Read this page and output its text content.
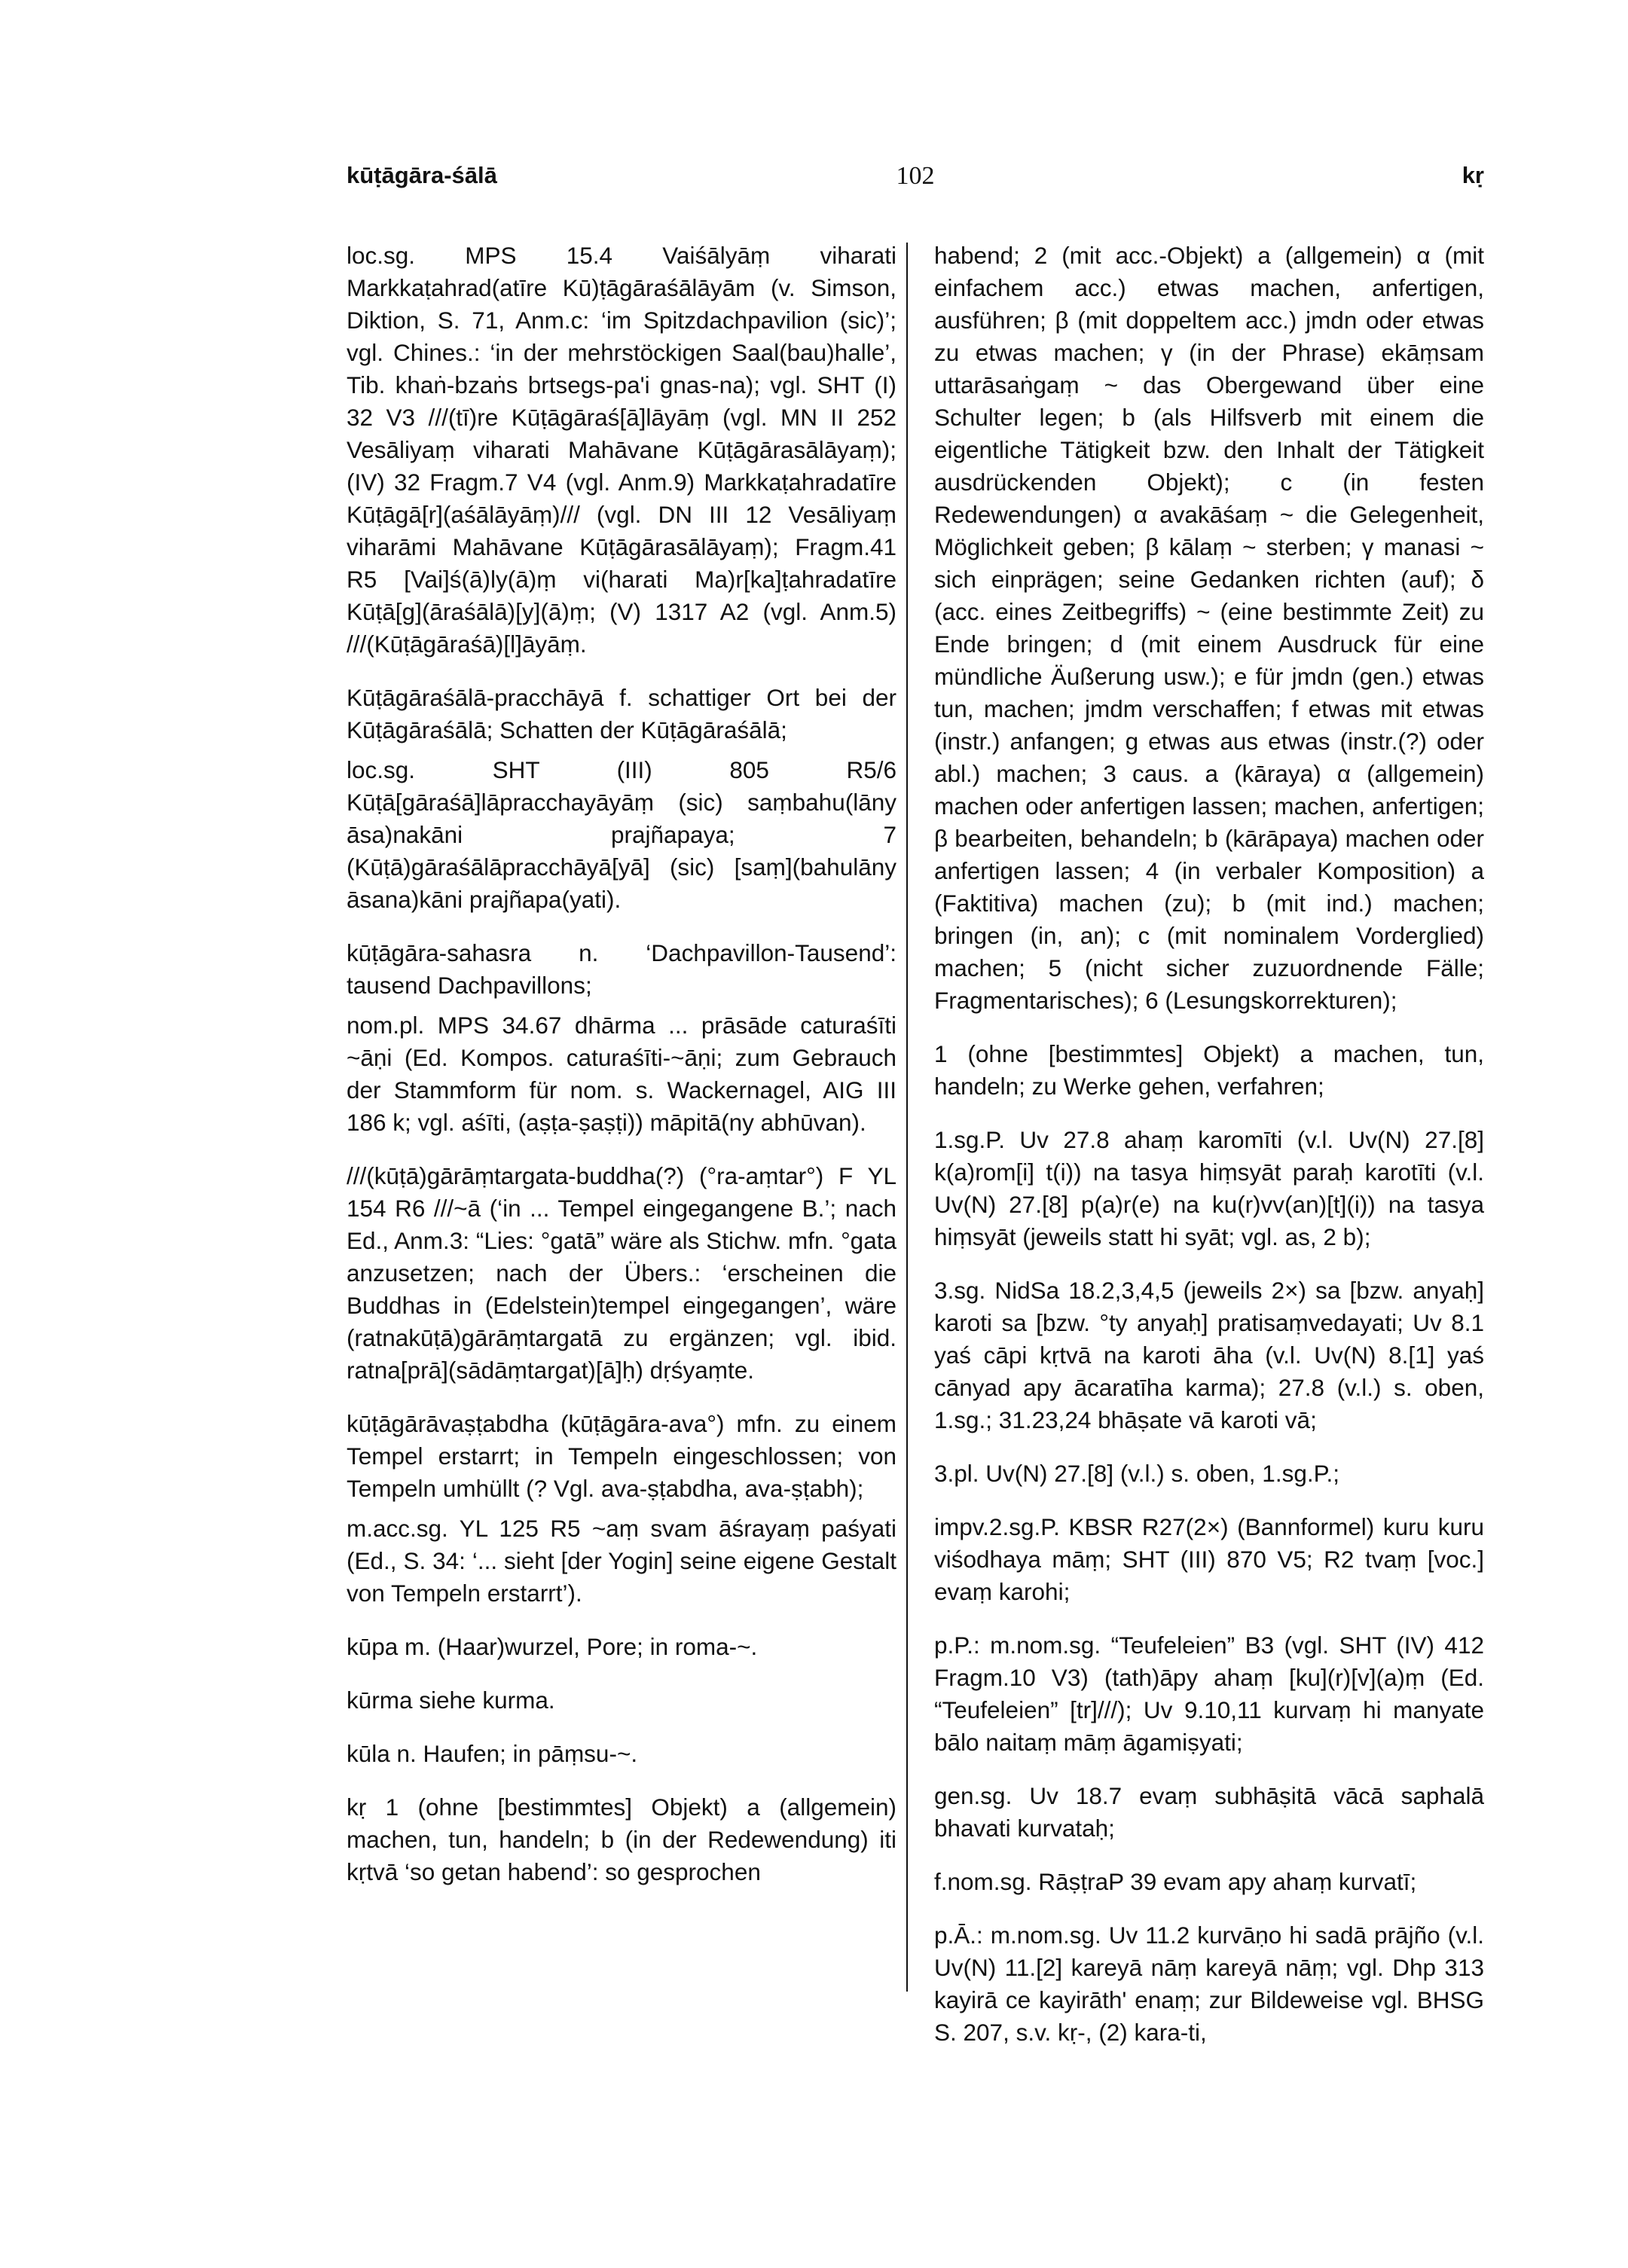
kūṭāgāra-śālā	102	kṛ

loc.sg. MPS 15.4 Vaiśālyāṃ viharati Markkaṭahrad(atīre Kū)ṭāgāraśālāyām (v. Simson, Diktion, S. 71, Anm.c: ‘im Spitzdachpavilion (sic)’; vgl. Chines.: ‘in der mehrstöckigen Saal(bau)halle’, Tib. khaṅ-bzaṅs brtsegs-pa'i gnas-na); vgl. SHT (I) 32 V3 ///(tī)re Kūṭāgāraś[ā]lāyāṃ (vgl. MN II 252 Vesāliyaṃ viharati Mahāvane Kūṭāgārasālāyaṃ); (IV) 32 Fragm.7 V4 (vgl. Anm.9) Markkaṭahradatīre Kūṭāgā[r](aśālāyāṃ)/// (vgl. DN III 12 Vesāliyaṃ viharāmi Mahāvane Kūṭāgārasālāyaṃ); Fragm.41 R5 [Vai]ś(ā)ly(ā)ṃ vi(harati Ma)r[ka]ṭahradatīre Kūṭā[g](āraśālā)[y](ā)ṃ; (V) 1317 A2 (vgl. Anm.5) ///(Kūṭāgāraśā)[l]āyāṃ.

Kūṭāgāraśālā-pracchāyā f. schattiger Ort bei der Kūṭāgāraśālā; Schatten der Kūṭāgāraśālā;

loc.sg. SHT (III) 805 R5/6 Kūṭā[gāraśā]lāpracchayāyāṃ (sic) saṃbahu(lāny āsa)nakāni prajñapaya; 7 (Kūṭā)gāraśālāpracchāyā[yā] (sic) [saṃ](bahulāny āsana)kāni prajñapa(yati).

kūṭāgāra-sahasra n. ‘Dachpavillon-Tausend’: tausend Dachpavillons;

nom.pl. MPS 34.67 dhārma ... prāsāde caturaśīti ~āṇi (Ed. Kompos. caturaśīti-~āṇi; zum Gebrauch der Stammform für nom. s. Wackernagel, AIG III 186 k; vgl. aśīti, (aṣṭa-ṣaṣṭi)) māpitā(ny abhūvan).

///(kūṭā)gārāṃtargata-buddha(?) (°ra-aṃtar°) F YL 154 R6 ///~ā (‘in ... Tempel eingegangene B.’; nach Ed., Anm.3: “Lies: °gatā” wäre als Stichw. mfn. °gata anzusetzen; nach der Übers.: ‘erscheinen die Buddhas in (Edelstein)tempel eingegangen’, wäre (ratnakūṭā)gārāṃtargatā zu ergänzen; vgl. ibid. ratna[prā](sādāṃtargat)[ā]ḥ) dṛśyaṃte.

kūṭāgārāvaṣṭabdha (kūṭāgāra-ava°) mfn. zu einem Tempel erstarrt; in Tempeln eingeschlossen; von Tempeln umhüllt (? Vgl. ava-ṣṭabdha, ava-ṣṭabh);

m.acc.sg. YL 125 R5 ~aṃ svam āśrayaṃ paśyati (Ed., S. 34: ‘... sieht [der Yogin] seine eigene Gestalt von Tempeln erstarrt’).

kūpa m. (Haar)wurzel, Pore; in roma-~.

kūrma siehe kurma.

kūla n. Haufen; in pāṃsu-~.

kṛ 1 (ohne [bestimmtes] Objekt) a (allgemein) machen, tun, handeln; b (in der Redewendung) iti kṛtvā ‘so getan habend’: so gesprochen

habend; 2 (mit acc.-Objekt) a (allgemein) α (mit einfachem acc.) etwas machen, anfertigen, ausführen; β (mit doppeltem acc.) jmdn oder etwas zu etwas machen; γ (in der Phrase) ekāṃsam uttarāsaṅgaṃ ~ das Obergewand über eine Schulter legen; b (als Hilfsverb mit einem die eigentliche Tätigkeit bzw. den Inhalt der Tätigkeit ausdrückenden Objekt); c (in festen Redewendungen) α avakāśaṃ ~ die Gelegenheit, Möglichkeit geben; β kālaṃ ~ sterben; γ manasi ~ sich einprägen; seine Gedanken richten (auf); δ (acc. eines Zeitbegriffs) ~ (eine bestimmte Zeit) zu Ende bringen; d (mit einem Ausdruck für eine mündliche Äußerung usw.); e für jmdn (gen.) etwas tun, machen; jmdm verschaffen; f etwas mit etwas (instr.) anfangen; g etwas aus etwas (instr.(?) oder abl.) machen; 3 caus. a (kāraya) α (allgemein) machen oder anfertigen lassen; machen, anfertigen; β bearbeiten, behandeln; b (kārāpaya) machen oder anfertigen lassen; 4 (in verbaler Komposition) a (Faktitiva) machen (zu); b (mit ind.) machen; bringen (in, an); c (mit nominalem Vorderglied) machen; 5 (nicht sicher zuzuordnende Fälle; Fragmentarisches); 6 (Lesungskorrekturen);

1 (ohne [bestimmtes] Objekt) a machen, tun, handeln; zu Werke gehen, verfahren;

1.sg.P. Uv 27.8 ahaṃ karomīti (v.l. Uv(N) 27.[8] k(a)rom[i] t(i)) na tasya hiṃsyāt paraḥ karotīti (v.l. Uv(N) 27.[8] p(a)r(e) na ku(r)vv(an)[t](i)) na tasya hiṃsyāt (jeweils statt hi syāt; vgl. as, 2 b);

3.sg. NidSa 18.2,3,4,5 (jeweils 2×) sa [bzw. anyaḥ] karoti sa [bzw. °ty anyaḥ] pratisaṃvedayati; Uv 8.1 yaś cāpi kṛtvā na karoti āha (v.l. Uv(N) 8.[1] yaś cānyad apy ācaratīha karma); 27.8 (v.l.) s. oben, 1.sg.; 31.23,24 bhāṣate vā karoti vā;

3.pl. Uv(N) 27.[8] (v.l.) s. oben, 1.sg.P.;

impv.2.sg.P. KBSR R27(2×) (Bannformel) kuru kuru viśodhaya māṃ; SHT (III) 870 V5; R2 tvaṃ [voc.] evaṃ karohi;

p.P.: m.nom.sg. “Teufeleien” B3 (vgl. SHT (IV) 412 Fragm.10 V3) (tath)āpy ahaṃ [ku](r)[v](a)ṃ (Ed. “Teufeleien” [tr]///); Uv 9.10,11 kurvaṃ hi manyate bālo naitaṃ māṃ āgamiṣyati;

gen.sg. Uv 18.7 evaṃ subhāṣitā vācā saphalā bhavati kurvataḥ;

f.nom.sg. RāṣṭraP 39 evam apy ahaṃ kurvatī;

p.Ā.: m.nom.sg. Uv 11.2 kurvāṇo hi sadā prājño (v.l. Uv(N) 11.[2] kareyā nāṃ kareyā nāṃ; vgl. Dhp 313 kayirā ce kayirāth' enaṃ; zur Bildeweise vgl. BHSG S. 207, s.v. kṛ-, (2) kara-ti,
